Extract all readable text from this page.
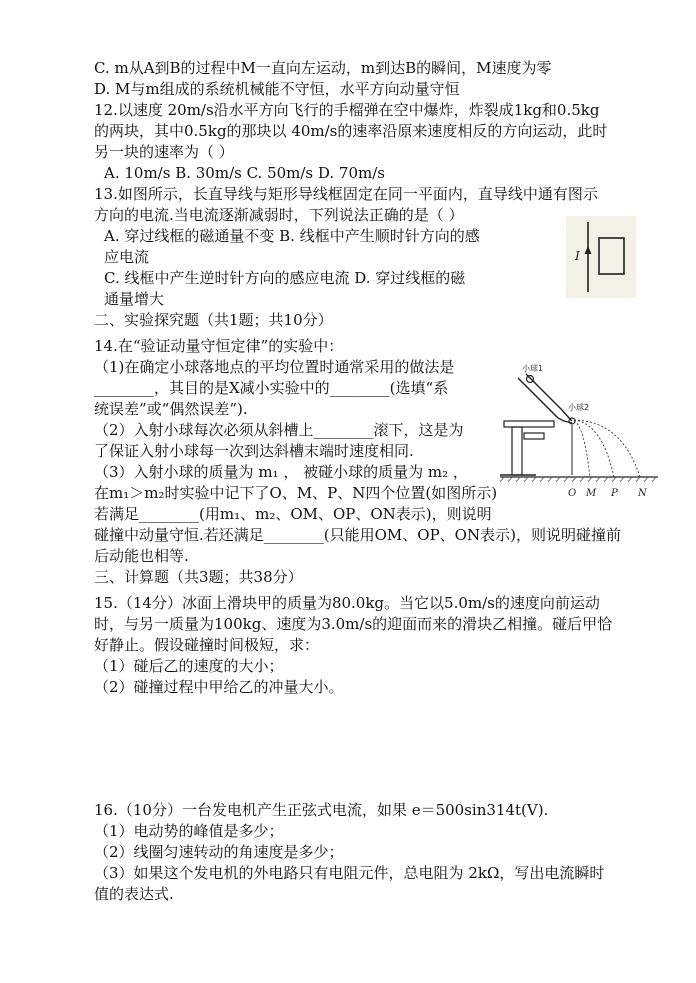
C. m从A到B的过程中M一直向左运动，m到达B的瞬间，M速度为零
D. M与m组成的系统机械能不守恒，水平方向动量守恒
12.以速度 20m/s沿水平方向飞行的手榴弹在空中爆炸，炸裂成1kg和0.5kg
的两块，其中0.5kg的那块以 40m/s的速率沿原来速度相反的方向运动，此时
另一块的速率为（ ）
A. 10m/s B. 30m/s C. 50m/s D. 70m/s
13.如图所示，长直导线与矩形导线框固定在同一平面内，直导线中通有图示
方向的电流.当电流逐渐减弱时，下列说法正确的是（ ）
A. 穿过线框的磁通量不变 B. 线框中产生顺时针方向的感
应电流
C. 线框中产生逆时针方向的感应电流 D. 穿过线框的磁
通量增大
I
二、实验探究题（共1题；共10分）
14.在“验证动量守恒定律”的实验中：
（1)在确定小球落地点的平均位置时通常采用的做法是
________，其目的是X减小实验中的________(选填“系
统误差”或“偶然误差”).
（2）入射小球每次必须从斜槽上________滚下，这是为
了保证入射小球每一次到达斜槽末端时速度相同.
（3）入射小球的质量为 m₁ ， 被碰小球的质量为 m₂ ，
在m₁＞m₂时实验中记下了O、M、P、N四个位置(如图所示)
若满足________(用m₁、m₂、OM、OP、ON表示)，则说明
碰撞中动量守恒.若还满足________(只能用OM、OP、ON表示)，则说明碰撞前
后动能也相等.
小球1
小球2
O M P N
三、计算题（共3题；共38分）
15.（14分）冰面上滑块甲的质量为80.0kg。当它以5.0m/s的速度向前运动
时，与另一质量为100kg、速度为3.0m/s的迎面而来的滑块乙相撞。碰后甲恰
好静止。假设碰撞时间极短，求：
（1）碰后乙的速度的大小；
（2）碰撞过程中甲给乙的冲量大小。
16.（10分）一台发电机产生正弦式电流，如果 e＝500sin314t(V).
（1）电动势的峰值是多少；
（2）线圈匀速转动的角速度是多少；
（3）如果这个发电机的外电路只有电阻元件，总电阻为 2kΩ，写出电流瞬时
值的表达式.
